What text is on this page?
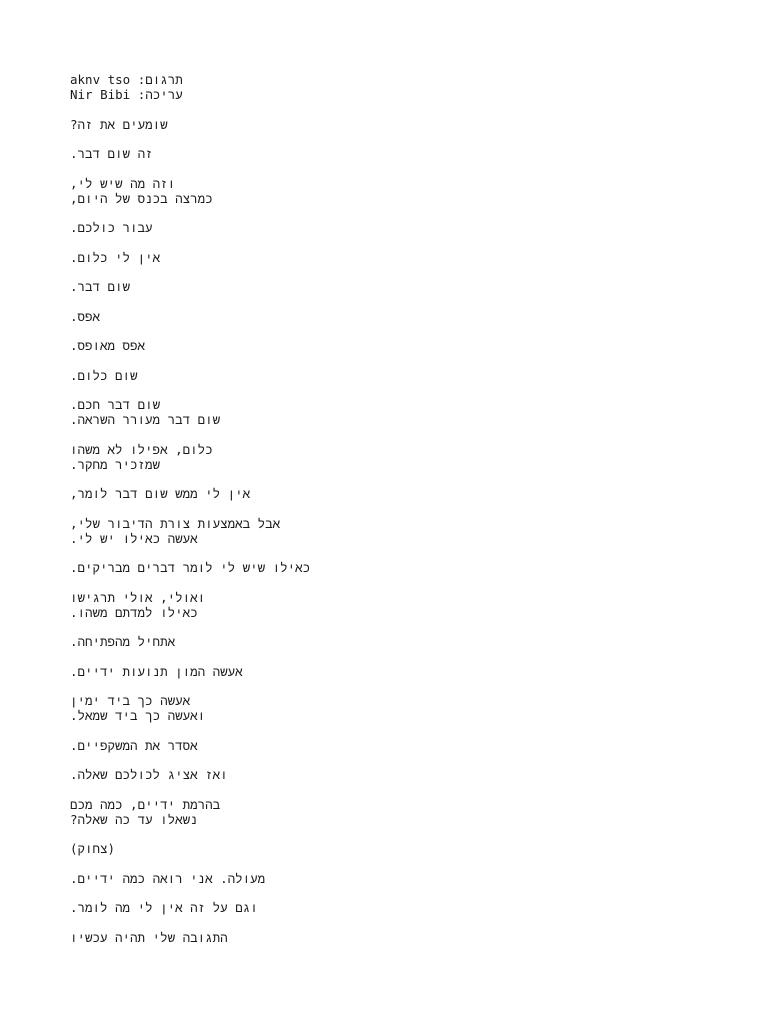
תרגום: aknv tso
עריכה: Nir Bibi
שומעים את זה?
זה שום דבר.
וזה מה שיש לי,
כמרצה בכנס של היום,
עבור כולכם.
אין לי כלום.
שום דבר.
אפס.
אפס מאופס.
שום כלום.
שום דבר חכם.
שום דבר מעורר השראה.
כלום, אפילו לא משהו
שמזכיר מחקר.
אין לי ממש שום דבר לומר,
אבל באמצעות צורת הדיבור שלי,
אעשה כאילו יש לי.
כאילו שיש לי לומר דברים מבריקים.
ואולי, אולי תרגישו
כאילו למדתם משהו.
אתחיל מהפתיחה.
אעשה המון תנועות ידיים.
אעשה כך ביד ימין
ואעשה כך ביד שמאל.
אסדר את המשקפיים.
ואז אציג לכולכם שאלה.
בהרמת ידיים, כמה מכם
נשאלו עד כה שאלה?
(צחוק)
מעולה. אני רואה כמה ידיים.
וגם על זה אין לי מה לומר.
התגובה שלי תהיה עכשיו
